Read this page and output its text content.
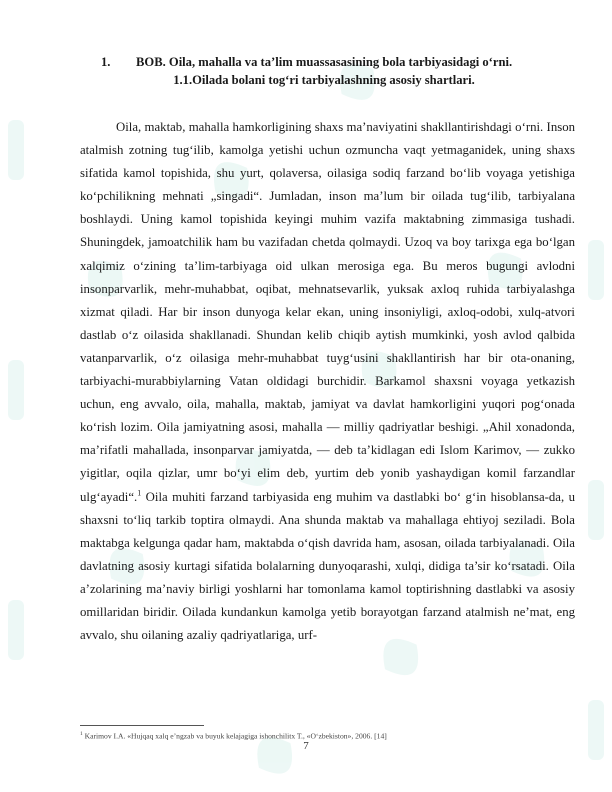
1. BOB. Oila, mahalla va ta’lim muassasasining bola tarbiyasidagi o‘rni.
1.1.Oilada bolani tog‘ri tarbiyalashning asosiy shartlari.

Oila, maktab, mahalla hamkorligining shaxs ma’naviyatini shakllantirishdagi o‘rni. Inson atalmish zotning tug‘ilib, kamolga yetishi uchun ozmuncha vaqt yetmaganidek, uning shaxs sifatida kamol topishida, shu yurt, qolaversa, oilasiga sodiq farzand bo‘lib voyaga yetishiga ko‘pchilikning mehnati „singadi“. Jumladan, inson ma’lum bir oilada tug‘ilib, tarbiyalana boshlaydi. Uning kamol topishida keyingi muhim vazifa maktabning zimmasiga tushadi. Shuningdek, jamoatchilik ham bu vazifadan chetda qolmaydi. Uzoq va boy tarixga ega bo‘lgan xalqimiz o‘zining ta’lim-tarbiyaga oid ulkan merosiga ega. Bu meros bugungi avlodni insonparvarlik, mehr-muhabbat, oqibat, mehnatsevarlik, yuksak axloq ruhida tarbiyalashga xizmat qiladi. Har bir inson dunyoga kelar ekan, uning insoniyligi, axloq-odobi, xulq-atvori dastlab o‘z oilasida shakllanadi. Shundan kelib chiqib aytish mumkinki, yosh avlod qalbida vatanparvarlik, o‘z oilasiga mehr-muhabbat tuyg‘usini shakllantirish har bir ota-onaning, tarbiyachi-murabbiylarning Vatan oldidagi burchidir. Barkamol shaxsni voyaga yetkazish uchun, eng avvalo, oila, mahalla, maktab, jamiyat va davlat hamkorligini yuqori pog‘onada ko‘rish lozim. Oila jamiyatning asosi, mahalla — milliy qadriyatlar beshigi. „Ahil xonadonda, ma’rifatli mahallada, insonparvar jamiyatda, — deb ta’kidlagan edi Islom Karimov, — zukko yigitlar, oqila qizlar, umr bo‘yi elim deb, yurtim deb yonib yashaydigan komil farzandlar ulg‘ayadi“.$^1$ Oila muhiti farzand tarbiyasida eng muhim va dastlabki bo‘ g‘in hisoblansa-da, u shaxsni to‘liq tarkib toptira olmaydi. Ana shunda maktab va mahallaga ehtiyoj seziladi. Bola maktabga kelgunga qadar ham, maktabda o‘qish davrida ham, asosan, oilada tarbiyalanadi. Oila davlatning asosiy kurtagi sifatida bolalarning dunyoqarashi, xulqi, didiga ta’sir ko‘rsatadi. Oila a’zolarining ma’naviy birligi yoshlarni har tomonlama kamol toptirishning dastlabki va asosiy omillaridan biridir. Oilada kundankun kamolga yetib borayotgan farzand atalmish ne’mat, eng avvalo, shu oilaning azaliy qadriyatlariga, urf-

$^1$ Karimov I.A. «Hujqaq xalq e’ngzab va buyuk kelajagiga ishonchilitx T., «O‘zbekiston», 2006. [14]
7
